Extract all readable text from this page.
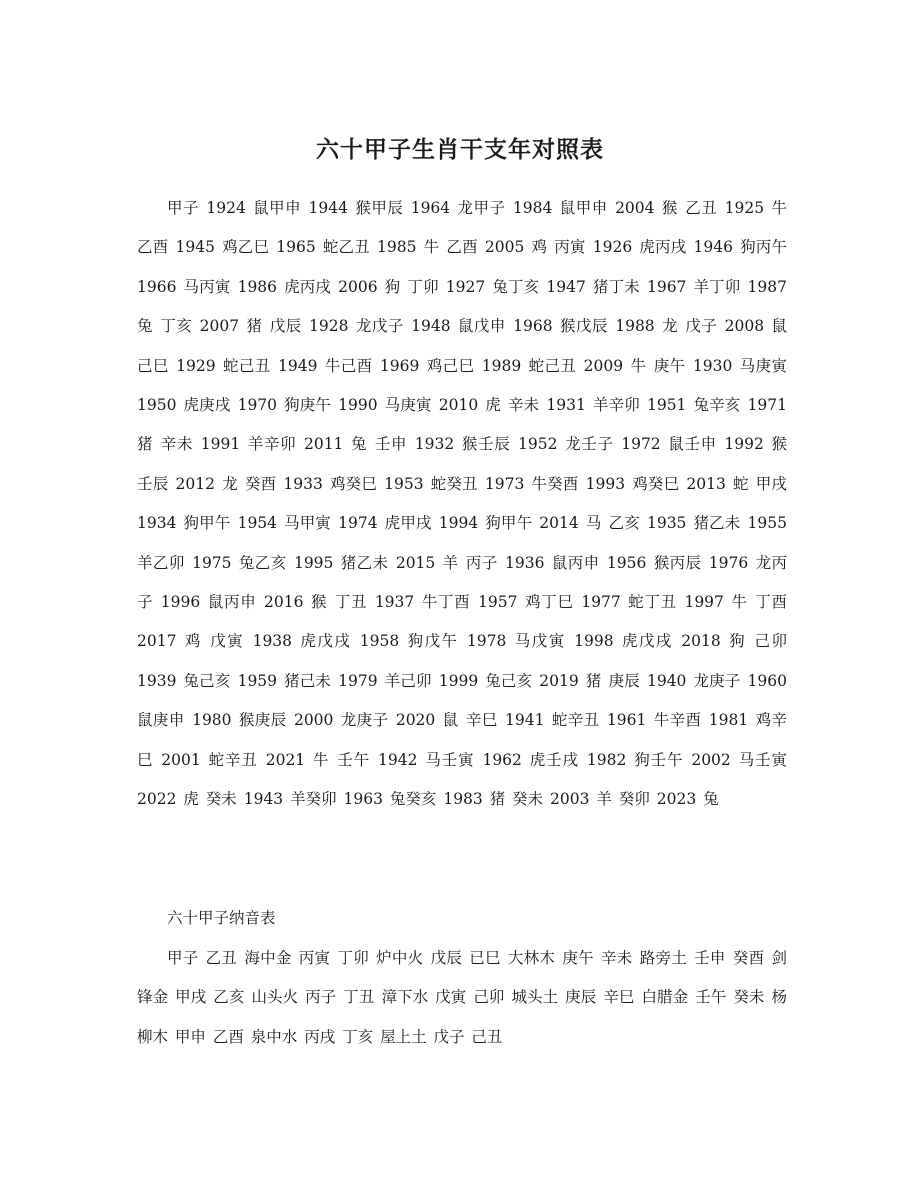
六十甲子生肖干支年对照表

甲子 1924 鼠甲申 1944 猴甲辰 1964 龙甲子 1984 鼠甲申 2004 猴 乙丑 1925 牛乙酉 1945 鸡乙巳 1965 蛇乙丑 1985 牛 乙酉 2005 鸡 丙寅 1926 虎丙戌 1946 狗丙午 1966 马丙寅 1986 虎丙戌 2006 狗 丁卯 1927 兔丁亥 1947 猪丁未 1967 羊丁卯 1987 兔 丁亥 2007 猪 戊辰 1928 龙戊子 1948 鼠戊申 1968 猴戊辰 1988 龙 戊子 2008 鼠 己巳 1929 蛇己丑 1949 牛己酉 1969 鸡己巳 1989 蛇己丑 2009 牛 庚午 1930 马庚寅 1950 虎庚戌 1970 狗庚午 1990 马庚寅 2010 虎 辛未 1931 羊辛卯 1951 兔辛亥 1971 猪 辛未 1991 羊辛卯 2011 兔 壬申 1932 猴壬辰 1952 龙壬子 1972 鼠壬申 1992 猴 壬辰 2012 龙 癸酉 1933 鸡癸巳 1953 蛇癸丑 1973 牛癸酉 1993 鸡癸巳 2013 蛇 甲戌 1934 狗甲午 1954 马甲寅 1974 虎甲戌 1994 狗甲午 2014 马 乙亥 1935 猪乙未 1955 羊乙卯 1975 兔乙亥 1995 猪乙未 2015 羊 丙子 1936 鼠丙申 1956 猴丙辰 1976 龙丙子 1996 鼠丙申 2016 猴 丁丑 1937 牛丁酉 1957 鸡丁巳 1977 蛇丁丑 1997 牛 丁酉 2017 鸡 戊寅 1938 虎戊戌 1958 狗戊午 1978 马戊寅 1998 虎戊戌 2018 狗 己卯 1939 兔己亥 1959 猪己未 1979 羊己卯 1999 兔己亥 2019 猪 庚辰 1940 龙庚子 1960 鼠庚申 1980 猴庚辰 2000 龙庚子 2020 鼠 辛巳 1941 蛇辛丑 1961 牛辛酉 1981 鸡辛巳 2001 蛇辛丑 2021 牛 壬午 1942 马壬寅 1962 虎壬戌 1982 狗壬午 2002 马壬寅 2022 虎 癸未 1943 羊癸卯 1963 兔癸亥 1983 猪 癸未 2003 羊 癸卯 2023 兔

六十甲子纳音表

甲子 乙丑 海中金 丙寅 丁卯 炉中火 戊辰 已巳 大林木 庚午 辛未 路旁土 壬申 癸酉 剑锋金 甲戌 乙亥 山头火 丙子 丁丑 漳下水 戊寅 己卯 城头土 庚辰 辛巳 白腊金 壬午 癸未 杨柳木 甲申 乙酉 泉中水 丙戌 丁亥 屋上土 戊子 己丑
